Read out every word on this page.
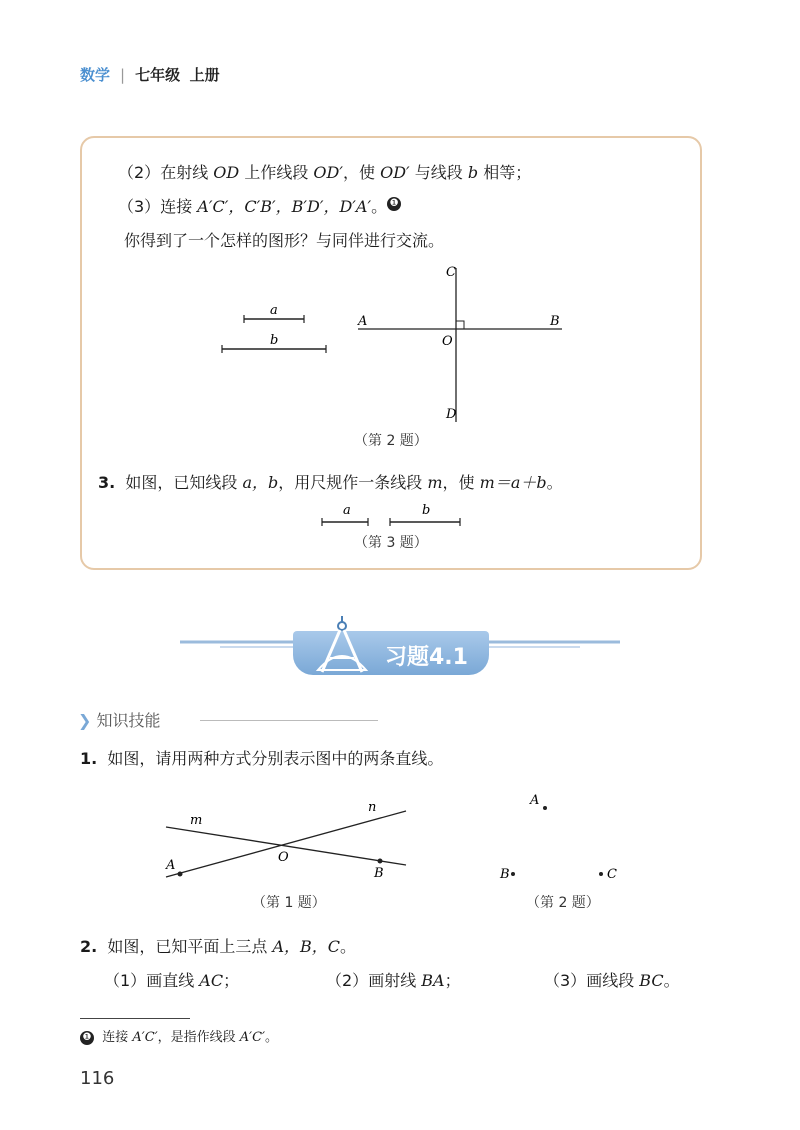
数学 | 七年级 上册
（2）在射线 OD 上作线段 OD′，使 OD′ 与线段 b 相等；
（3）连接 A′C′，C′B′，B′D′，D′A′。 ❶
你得到了一个怎样的图形？与同伴进行交流。
a
b
A	B
C
D
O
（第 2 题）
3. 如图，已知线段 a，b，用尺规作一条线段 m，使 m＝a＋b。
a	b
（第 3 题）
习题4.1
❯ 知识技能
1. 如图，请用两种方式分别表示图中的两条直线。
m
n
O
A
B
（第 1 题）
A
B	C
（第 2 题）
2. 如图，已知平面上三点 A，B，C。
（1）画直线 AC；	（2）画射线 BA；	（3）画线段 BC。
❶ 连接 A′C′，是指作线段 A′C′。
116
